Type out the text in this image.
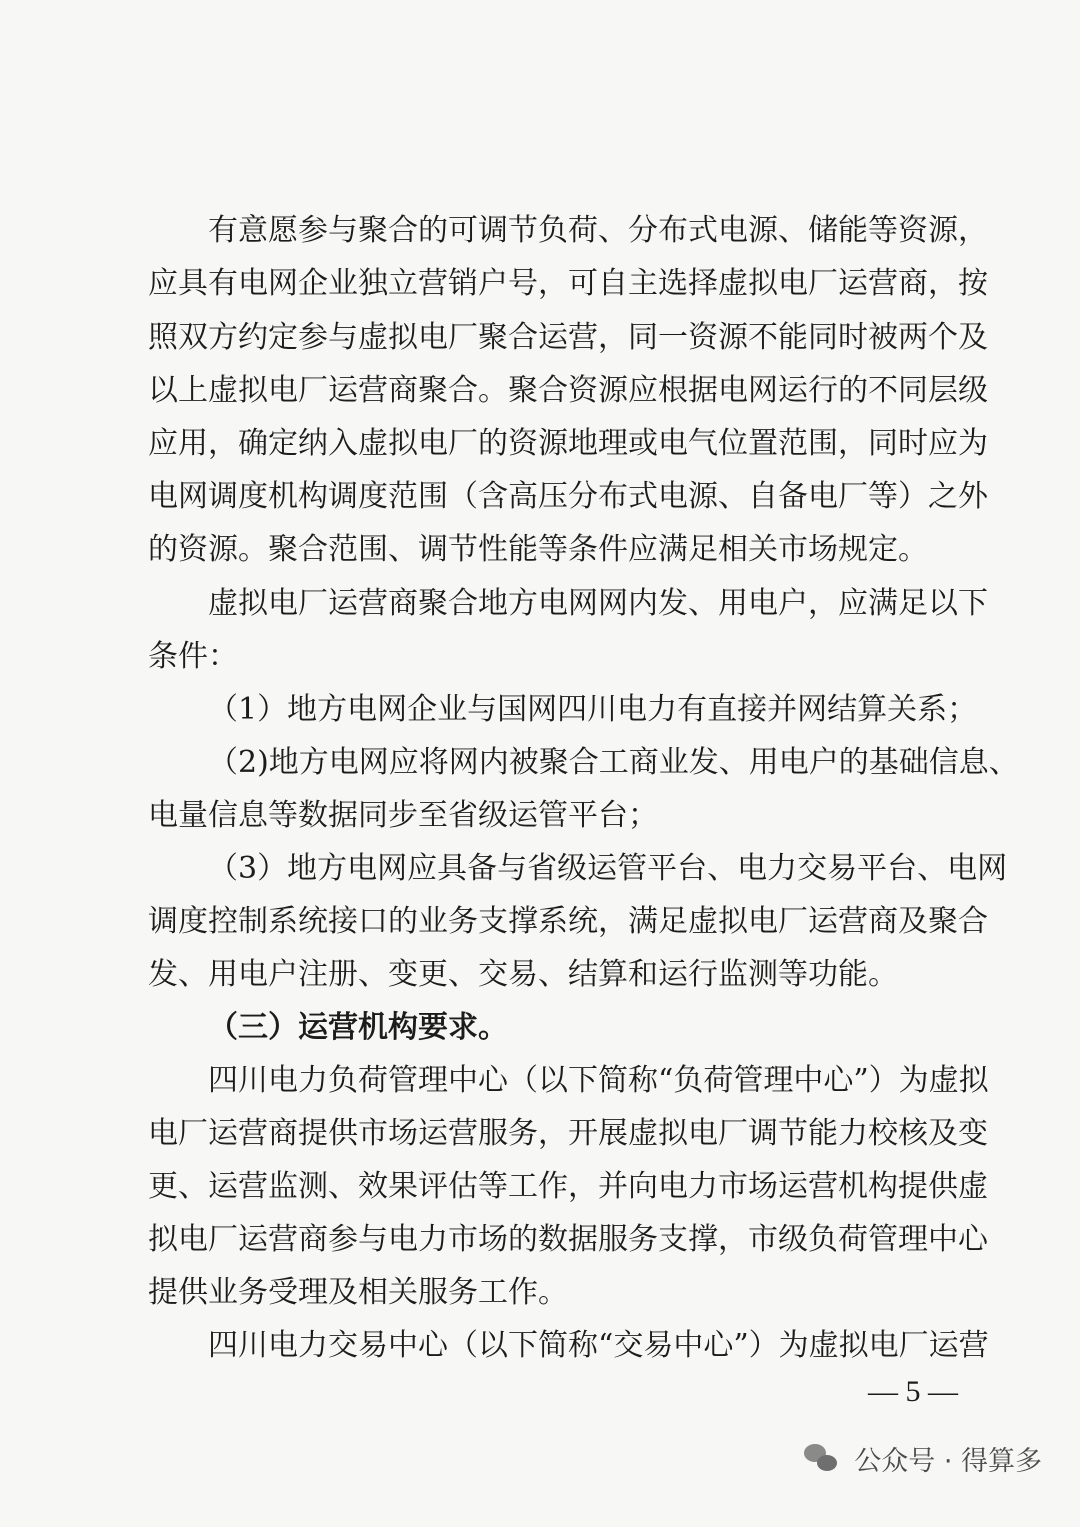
有意愿参与聚合的可调节负荷、分布式电源、储能等资源，
应具有电网企业独立营销户号，可自主选择虚拟电厂运营商，按
照双方约定参与虚拟电厂聚合运营，同一资源不能同时被两个及
以上虚拟电厂运营商聚合。聚合资源应根据电网运行的不同层级
应用，确定纳入虚拟电厂的资源地理或电气位置范围，同时应为
电网调度机构调度范围（含高压分布式电源、自备电厂等）之外
的资源。聚合范围、调节性能等条件应满足相关市场规定。
虚拟电厂运营商聚合地方电网网内发、用电户，应满足以下
条件：
（1）地方电网企业与国网四川电力有直接并网结算关系；
（2)地方电网应将网内被聚合工商业发、用电户的基础信息、
电量信息等数据同步至省级运管平台；
（3）地方电网应具备与省级运管平台、电力交易平台、电网
调度控制系统接口的业务支撑系统，满足虚拟电厂运营商及聚合
发、用电户注册、变更、交易、结算和运行监测等功能。
（三）运营机构要求。
四川电力负荷管理中心（以下简称“负荷管理中心”）为虚拟
电厂运营商提供市场运营服务，开展虚拟电厂调节能力校核及变
更、运营监测、效果评估等工作，并向电力市场运营机构提供虚
拟电厂运营商参与电力市场的数据服务支撑，市级负荷管理中心
提供业务受理及相关服务工作。
四川电力交易中心（以下简称“交易中心”）为虚拟电厂运营
— 5 —
公众号 · 得算多
